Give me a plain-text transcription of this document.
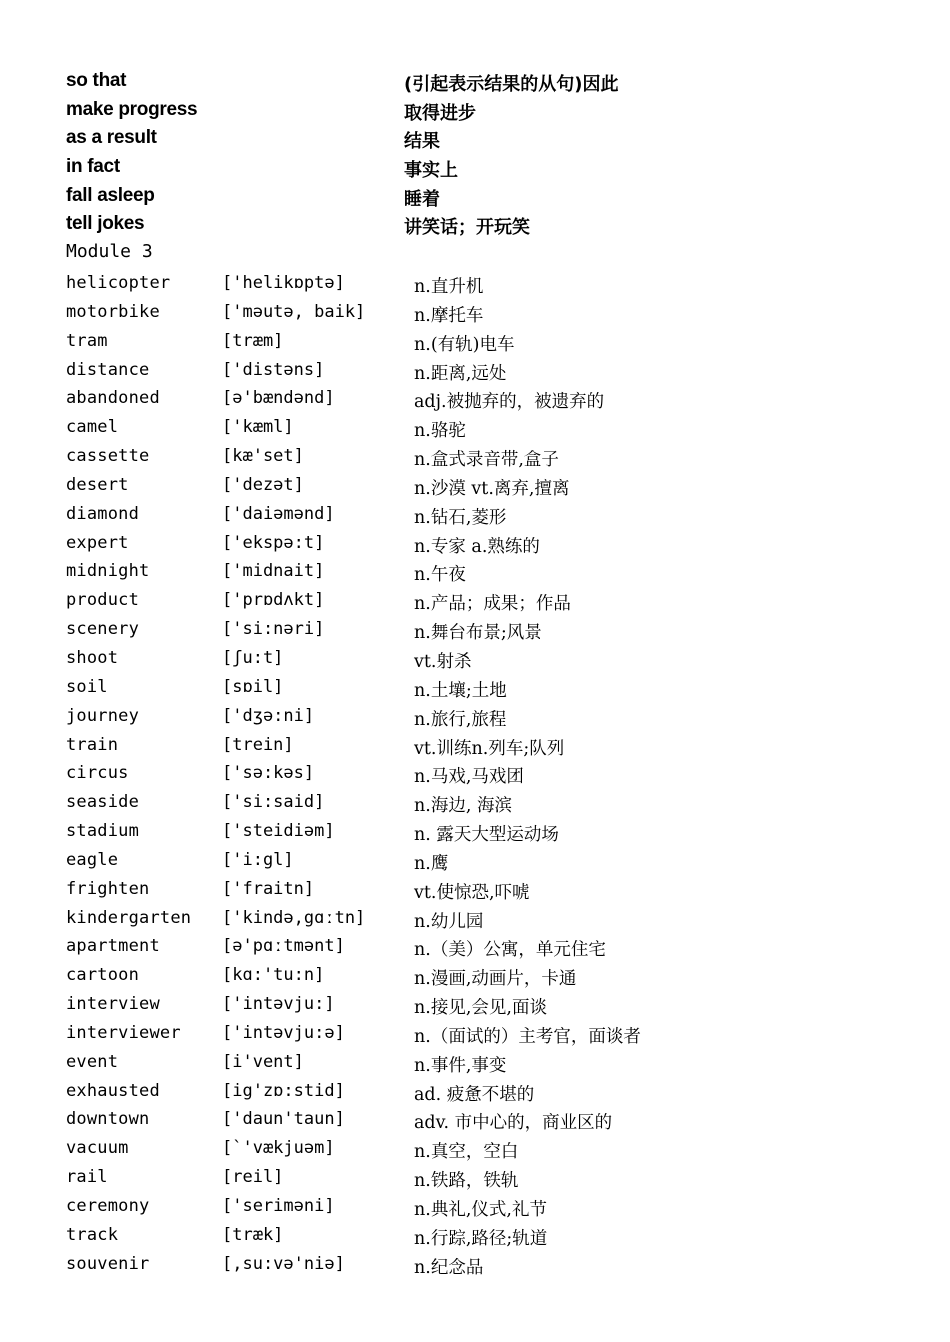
so that	(引起表示结果的从句)因此
make progress	取得进步
as a result	结果
in fact	事实上
fall asleep	睡着
tell jokes	讲笑话；开玩笑
Module 3
helicopter	['helikɒptə]	n.直升机
motorbike	['məutə, baik]	n.摩托车
tram	[træm]	n.(有轨)电车
distance	['distəns]	n.距离,远处
abandoned	[ə'bændənd]	adj.被抛弃的，被遗弃的
camel	['kæml]	n.骆驼
cassette	[kæ'set]	n.盒式录音带,盒子
desert	['dezət]	n.沙漠 vt.离弃,擅离
diamond	['daiəmənd]	n.钻石,菱形
expert	['ekspə:t]	n.专家 a.熟练的
midnight	['midnait]	n.午夜
product	['prɒdʌkt]	n.产品；成果；作品
scenery	['si:nəri]	n.舞台布景;风景
shoot	[ʃu:t]	vt.射杀
soil	[sɒil]	n.土壤;土地
journey	['dʒə:ni]	n.旅行,旅程
train	[trein]	vt.训练n.列车;队列
circus	['sə:kəs]	n.马戏,马戏团
seaside	['si:said]	n.海边, 海滨
stadium	['steidiəm]	n. 露天大型运动场
eagle	['i:gl]	n.鹰
frighten	['fraitn]	vt.使惊恐,吓唬
kindergarten ['kində,gɑːtn]	n.幼儿园
apartment	[ə'pɑːtmənt]	n.（美）公寓，单元住宅
cartoon	[kɑ:'tu:n]	n.漫画,动画片，卡通
interview	['intəvju:]	n.接见,会见,面谈
interviewer ['intəvju:ə]	n.（面试的）主考官，面谈者
event	[i'vent]	n.事件,事变
exhausted	[ig'zɒ:stid]	ad. 疲惫不堪的
downtown	['daun'taun]	adv. 市中心的，商业区的
vacuum	[`'vækjuəm]	n.真空，空白
rail	[reil]	n.铁路，铁轨
ceremony	['seriməni]	n.典礼,仪式,礼节
track	[træk]	n.行踪,路径;轨道
souvenir	[,su:və'niə]	n.纪念品
